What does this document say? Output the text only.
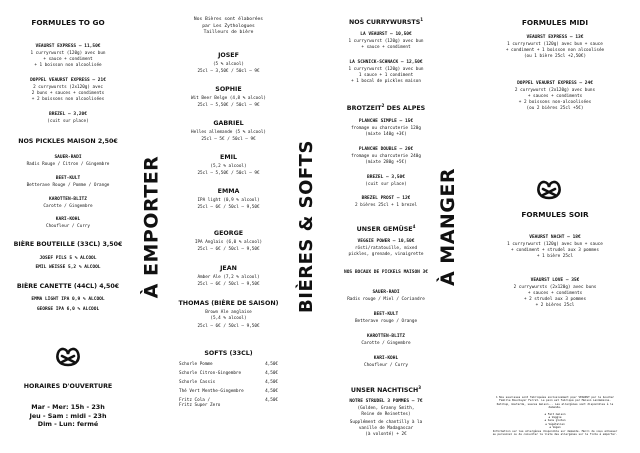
FORMULES TO GO

VEAURST EXPRESS – 11,50€

1 curryrwurst (120g) avec bun
+ sauce + condiment
+ 1 boisson non alcoolisée

DOPPEL VEAURST EXPRESS – 21€

2 currywursts (2x120g) avec
2 buns + sauces + condiments
+ 2 boissons non alcoolisées

BREZEL – 3,20€

(cuit sur place)

NOS PICKLES MAISON 2,50€

SAUER-RADI

Radis Rouge / Citron / Gingembre

BEET-KULT

Betterave Rouge / Pomme / Orange

KAROTTEN-BLITZ

Carotte / Gingembre

KARI-KOHL

Choufleur / Curry

BIÈRE BOUTEILLE (33CL) 3,50€

JOSEF PILS 5 % ALCOOL

EMIL WEISSE 5,2 % ALCOOL

BIÈRE CANETTE (44CL) 4,50€

EMMA LIGHT IPA 0,9 % ALCOOL

GEORGE IPA 6,0 % ALCOOL

HORAIRES D'OUVERTURE

Mar - Mer: 15h - 23h

Jeu - Sam : midi - 23h

Dim - Lun: fermé

À EMPORTER

Nos Bières sont élaborées
par Les Zythologues
Tailleurs de bière

JOSEF

(5 % alcool)

25cl – 3,50€ / 50cl – 9€

SOPHIE

Wit Beer Belge (4,8 % alcool)

25cl – 5,50€ / 50cl – 9€

GABRIEL

Helles allemande (5 % alcool)

25cl – 5€ / 50cl – 9€

EMIL

(5,2 % alcool)

25cl – 5,50€ / 50cl – 9€

EMMA

IPA light (0,9 % alcool)

25cl – 6€ / 50cl – 9,50€

GEORGE

IPA Anglais (6,0 % alcool)

25cl – 6€ / 50cl – 9,50€

JEAN

Amber Ale (7,2 % alcool)

25cl – 6€ / 50cl – 9,50€

THOMAS (BIÈRE DE SAISON)

Brown Ale anglaise
(5,4 % alcool)

25cl – 6€ / 50cl – 9,50€

SOFTS (33CL)

Schorle Pomme	4,50€
Schorle Citron-Gingembre	4,50€
Schorle Cassis	4,50€
Thé Vert Menthe-Gingembre	4,50€
Fritz Cola /
Fritz Super Zero
4,50€
BIÈRES & SOFTS

NOS CURRYWURSTS$^1$

LA VEAURST – 10,50€

1 curryrwurst (120g) avec bun
+ sauce + condiment

LA SCHNICK-SCHNACK – 12,50€

1 curryrwurst (120g) avec bun
1 sauce + 1 condiment
+ 1 bocal de pickles maison

BROTZEIT$^2$ DES ALPES

PLANCHE SIMPLE – 15€

fromage ou charcuterie 120g
(mixte 140g +3€)

PLANCHE DOUBLE – 26€

fromage ou charcuterie 240g
(mixte 280g +5€)

BREZEL – 3,50€

(cuit sur place)

BREZEL PROST – 12€

2 bières 25cl + 1 brezel

UNSER GEMÜSE$^4$

VEGGIE POWER – 10,50€

rösti/ratatouille, mixed
pickles, grenade, vinaigrette

NOS BOCAUX DE PICKELS MAISON 3€

SAUER-RADI

Radis rouge / Miel / Coriandre

BEET-KULT

Betterave rouge / Orange

KAROTTEN-BLITZ

Carotte / Gingembre

KARI-KOHL

Choufleur / Curry

UNSER NACHTISCH$^3$

NOTRE STRUDEL 3 POMMES – 7€

(Golden, Granny Smith,
Reine de Reinettes)

Supplément de chantilly à la
vanille de Madagascar
(à volonté) + 2€

À MANGER

FORMULES MIDI

VEAURST EXPRESS – 13€

1 curryrwurst (120g) avec bun + sauce
+ condiment + 1 boisson non alcoolisée
(ou 1 bière 25cl +2,50€)

DOPPEL VEAURST EXPRESS – 24€

2 currywurst (2x120g) avec buns
+ sauces + condiments
+ 2 boissons non-alcoolisées
(ou 2 bières 25cl +5€)

FORMULES SOIR

VEAURST NACHT – 18€

1 curryrwurst (120g) avec bun + sauce
+ condiment + strudel aux 3 pommes
+ 1 bière 25cl

VEAURST LOVE – 35€

2 currywursts (2x120g) avec buns
+ sauces + condiments
+ 2 strudel aux 3 pommes
+ 2 bières 25cl

1 Nos saucisses sont fabriquées exclusivement pour VEAURST par le boucher Famille Bouchayer Ferret. Le pain est fabriqué par Maison Landemaine. Ketchup, moutarde, sauces maison... Les allergènes sont disponibles à la demande.

❖ Fait maison

❖ Veggie

❖ Sans gluten

❖ Végétalien

❖ Végan

Information sur les allergènes disponible sur demande. Merci de vous adresser au personnel ou de consulter la liste des allergènes sur la fiche à emporter.
